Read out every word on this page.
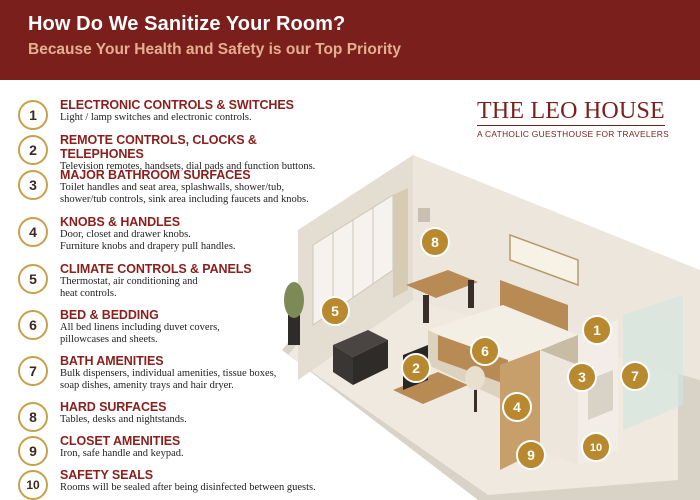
How Do We Sanitize Your Room?
Because Your Health and Safety is our Top Priority
1
ELECTRONIC CONTROLS & SWITCHES
Light / lamp switches and electronic controls.
2
REMOTE CONTROLS, CLOCKS & TELEPHONES
Television remotes, handsets, dial pads and function buttons.
3
MAJOR BATHROOM SURFACES
Toilet handles and seat area, splashwalls, shower/tub,
shower/tub controls, sink area including faucets and knobs.
4
KNOBS & HANDLES
Door, closet and drawer knobs.
Furniture knobs and drapery pull handles.
5
CLIMATE CONTROLS & PANELS
Thermostat, air conditioning and
heat controls.
6
BED & BEDDING
All bed linens including duvet covers,
pillowcases and sheets.
7
BATH AMENITIES
Bulk dispensers, individual amenities, tissue boxes,
soap dishes, amenity trays and hair dryer.
8
HARD SURFACES
Tables, desks and nightstands.
9
CLOSET AMENITIES
Iron, safe handle and keypad.
10
SAFETY SEALS
Rooms will be sealed after being disinfected between guests.
THE LEO HOUSE
A CATHOLIC GUESTHOUSE FOR TRAVELERS
1
2
3
4
5
6
7
8
9	10
